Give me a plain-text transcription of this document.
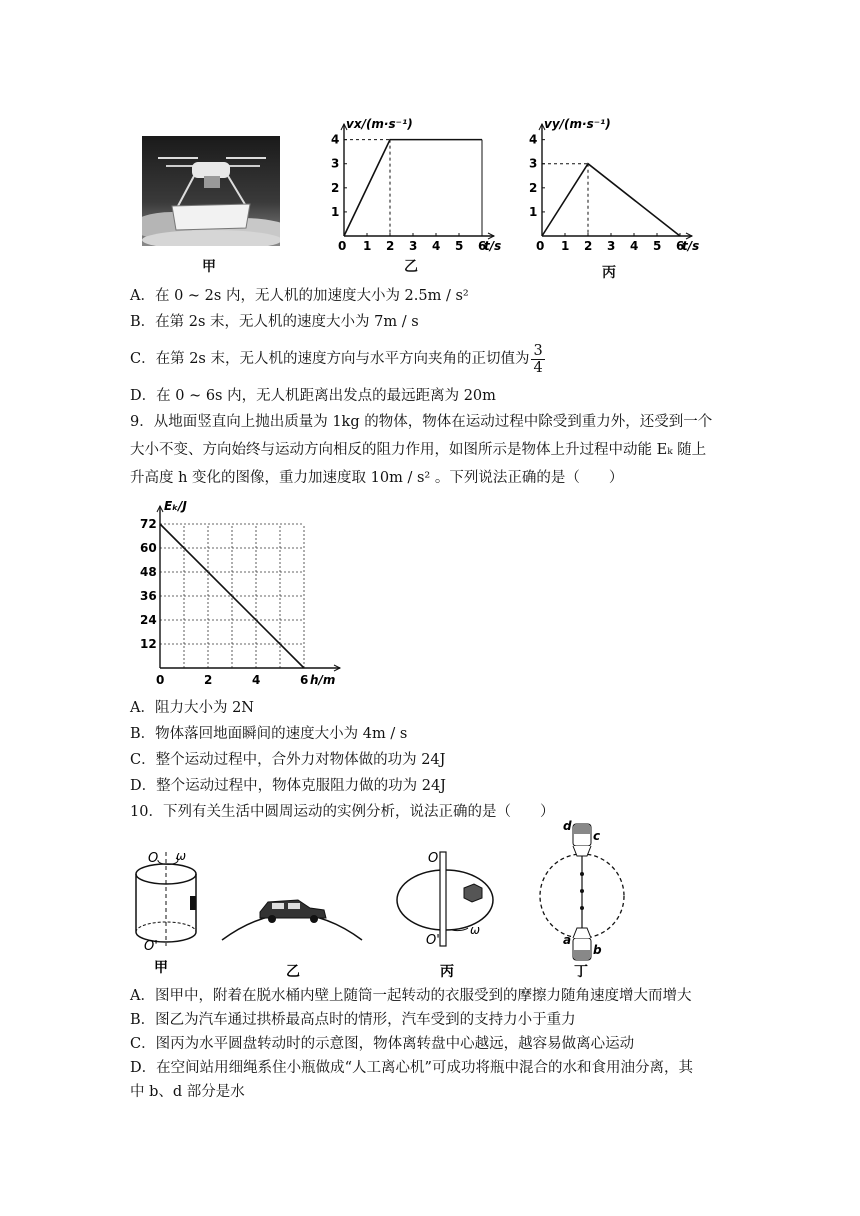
甲
0 1 2 3 4 5 6
1
2
3
4
vx/(m·s⁻¹)
t/s
乙
0 1 2 3 4 5 6
1
2
3
4
vy/(m·s⁻¹)
t/s
丙
A．在 0 ~ 2s 内，无人机的加速度大小为 2.5m / s²
B．在第 2s 末，无人机的速度大小为 7m / s
C．在第 2s 末，无人机的速度方向与水平方向夹角的正切值为 $\frac{3}{4}$
D．在 0 ~ 6s 内，无人机距离出发点的最远距离为 20m
9．从地面竖直向上抛出质量为 1kg 的物体，物体在运动过程中除受到重力外，还受到一个
大小不变、方向始终与运动方向相反的阻力作用，如图所示是物体上升过程中动能 Eₖ 随上
升高度 h 变化的图像，重力加速度取 10m / s² 。下列说法正确的是（　　）
12
24
36
48
60
72
0	2	4	6
Eₖ/J
h/m
A．阻力大小为 2N
B．物体落回地面瞬间的速度大小为 4m / s
C．整个运动过程中，合外力对物体做的功为 24J
D．整个运动过程中，物体克服阻力做的功为 24J
10．下列有关生活中圆周运动的实例分析，说法正确的是（　　）
O ω
O'
甲	乙
O
ω
O'
丙
d
c
a
b
丁
A．图甲中，附着在脱水桶内壁上随筒一起转动的衣服受到的摩擦力随角速度增大而增大
B．图乙为汽车通过拱桥最高点时的情形，汽车受到的支持力小于重力
C．图丙为水平圆盘转动时的示意图，物体离转盘中心越远，越容易做离心运动
D．在空间站用细绳系住小瓶做成“人工离心机”可成功将瓶中混合的水和食用油分离，其
中 b、d 部分是水
